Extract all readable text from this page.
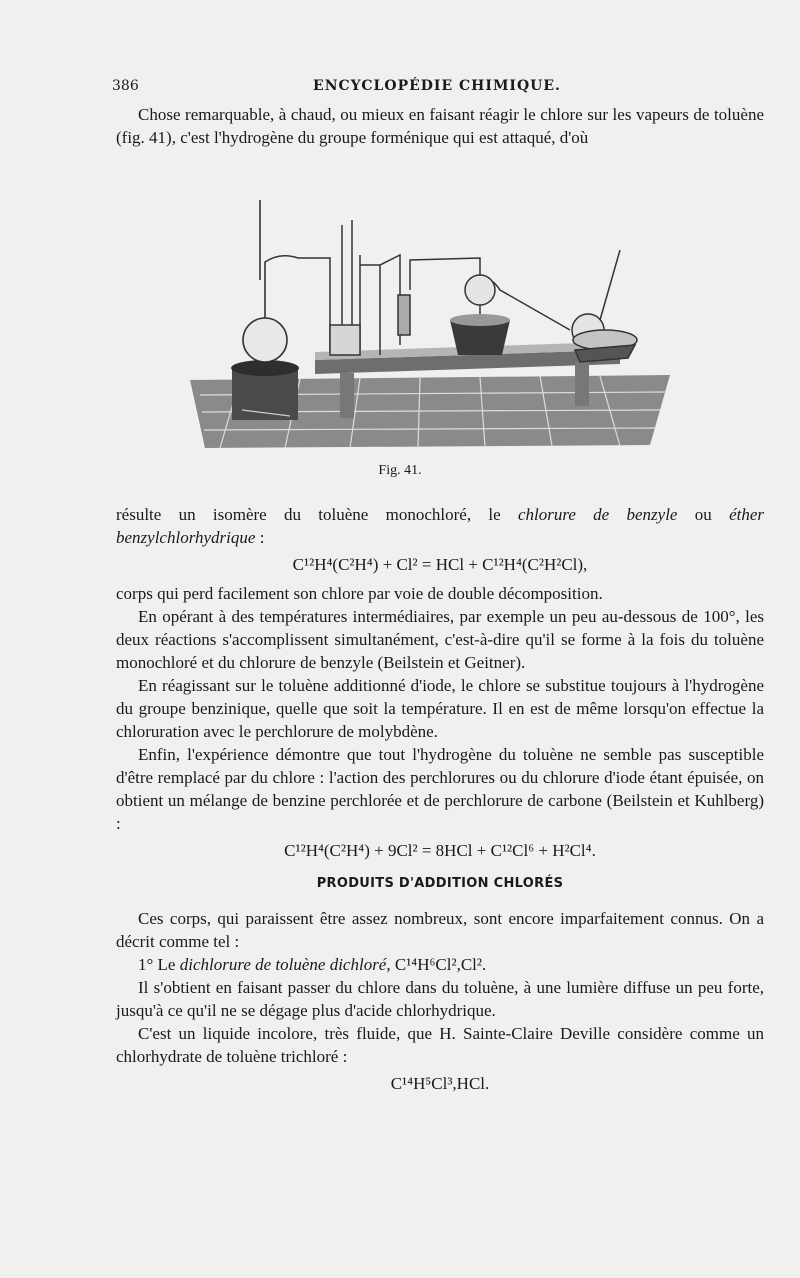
386	ENCYCLOPÉDIE CHIMIQUE.

Chose remarquable, à chaud, ou mieux en faisant réagir le chlore sur les vapeurs de toluène (fig. 41), c'est l'hydrogène du groupe forménique qui est attaqué, d'où

Fig. 41.

résulte un isomère du toluène monochloré, le chlorure de benzyle ou éther benzylchlorhydrique :

C¹²H⁴(C²H⁴) + Cl² = HCl + C¹²H⁴(C²H²Cl),

corps qui perd facilement son chlore par voie de double décomposition.

En opérant à des températures intermédiaires, par exemple un peu au-dessous de 100°, les deux réactions s'accomplissent simultanément, c'est-à-dire qu'il se forme à la fois du toluène monochloré et du chlorure de benzyle (Beilstein et Geitner).

En réagissant sur le toluène additionné d'iode, le chlore se substitue toujours à l'hydrogène du groupe benzinique, quelle que soit la température. Il en est de même lorsqu'on effectue la chloruration avec le perchlorure de molybdène.

Enfin, l'expérience démontre que tout l'hydrogène du toluène ne semble pas susceptible d'être remplacé par du chlore : l'action des perchlorures ou du chlorure d'iode étant épuisée, on obtient un mélange de benzine perchlorée et de perchlorure de carbone (Beilstein et Kuhlberg) :

C¹²H⁴(C²H⁴) + 9Cl² = 8HCl + C¹²Cl⁶ + H²Cl⁴.

PRODUITS D'ADDITION CHLORÉS

Ces corps, qui paraissent être assez nombreux, sont encore imparfaitement connus. On a décrit comme tel :

1° Le dichlorure de toluène dichloré, C¹⁴H⁶Cl²,Cl².

Il s'obtient en faisant passer du chlore dans du toluène, à une lumière diffuse un peu forte, jusqu'à ce qu'il ne se dégage plus d'acide chlorhydrique.

C'est un liquide incolore, très fluide, que H. Sainte-Claire Deville considère comme un chlorhydrate de toluène trichloré :

C¹⁴H⁵Cl³,HCl.
